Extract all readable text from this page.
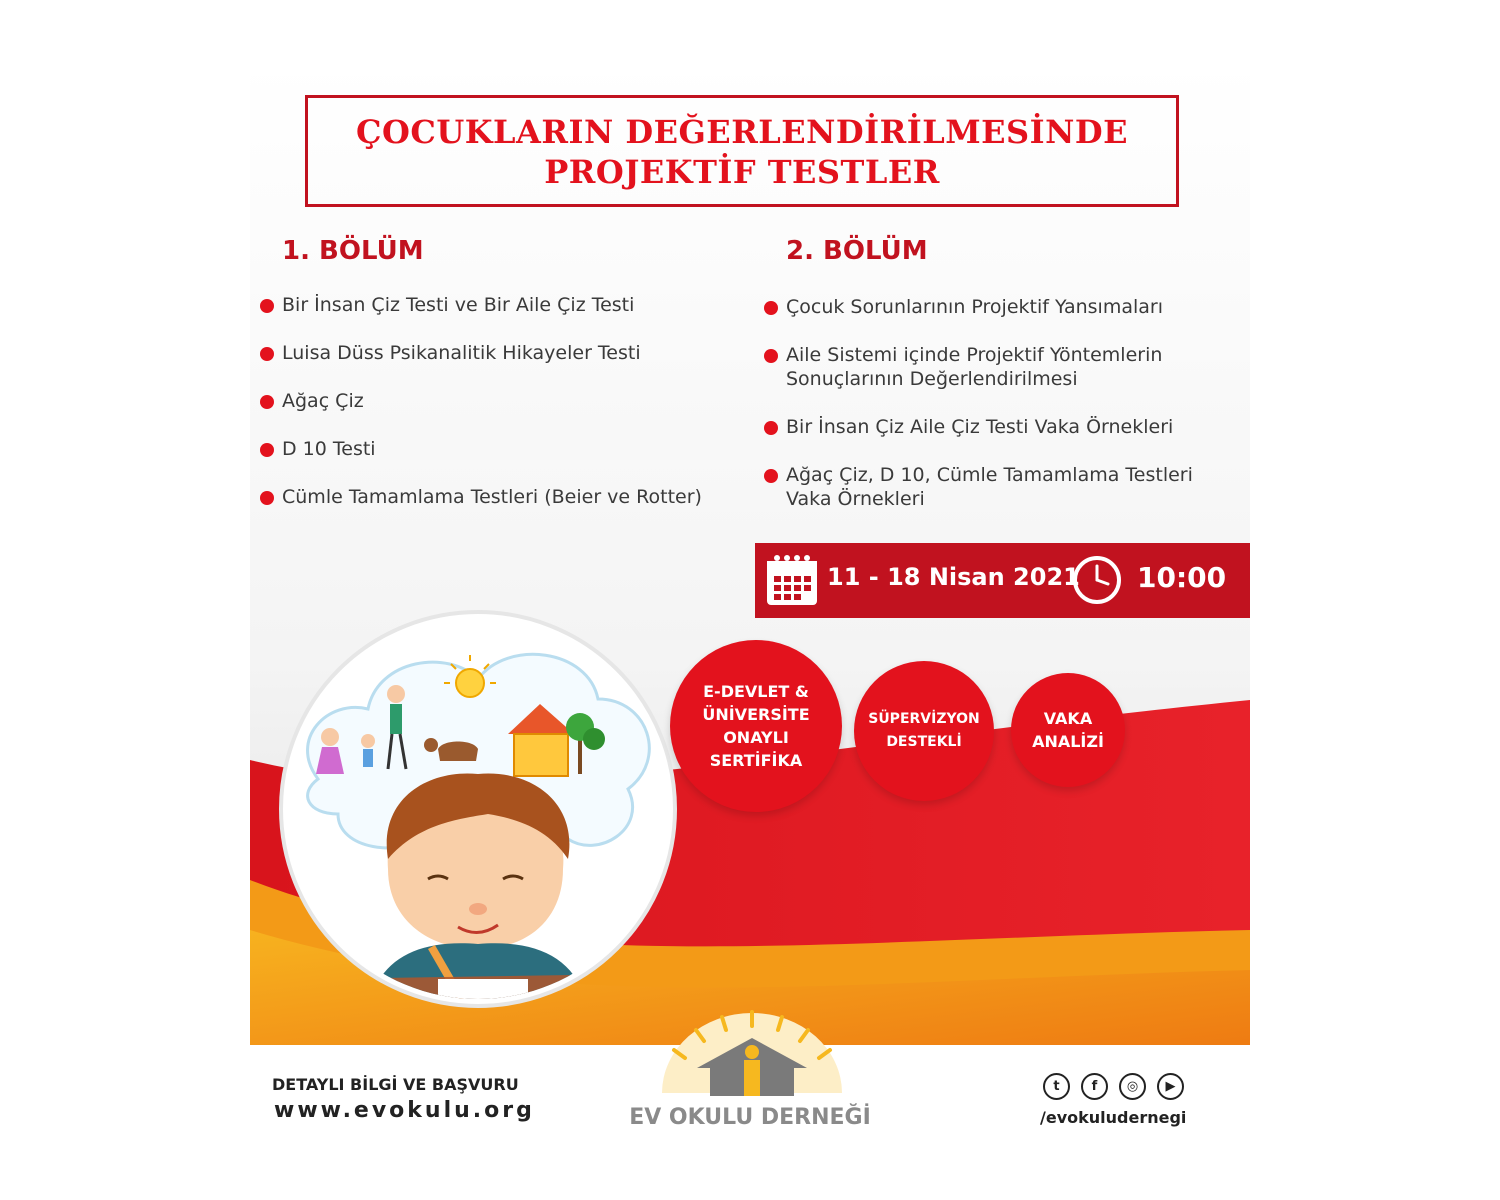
ÇOCUKLARIN DEĞERLENDİRİLMESİNDE
PROJEKTİF TESTLER
1. BÖLÜM
Bir İnsan Çiz Testi ve Bir Aile Çiz Testi
Luisa Düss Psikanalitik Hikayeler Testi
Ağaç Çiz
D 10 Testi
Cümle Tamamlama Testleri (Beier ve Rotter)
2. BÖLÜM
Çocuk Sorunlarının Projektif Yansımaları
Aile Sistemi içinde Projektif Yöntemlerin
Sonuçlarının Değerlendirilmesi
Bir İnsan Çiz Aile Çiz Testi Vaka Örnekleri
Ağaç Çiz, D 10, Cümle Tamamlama Testleri
Vaka Örnekleri
11 - 18 Nisan 2021 10:00
E-DEVLET &
ÜNİVERSİTE
ONAYLI
SERTİFİKA
SÜPERVİZYON
DESTEKLİ
VAKA
ANALİZİ
DETAYLI BİLGİ VE BAŞVURU
www.evokulu.org	EV OKULU DERNEĞİ
t	f	◎	▶
/evokuludernegi
